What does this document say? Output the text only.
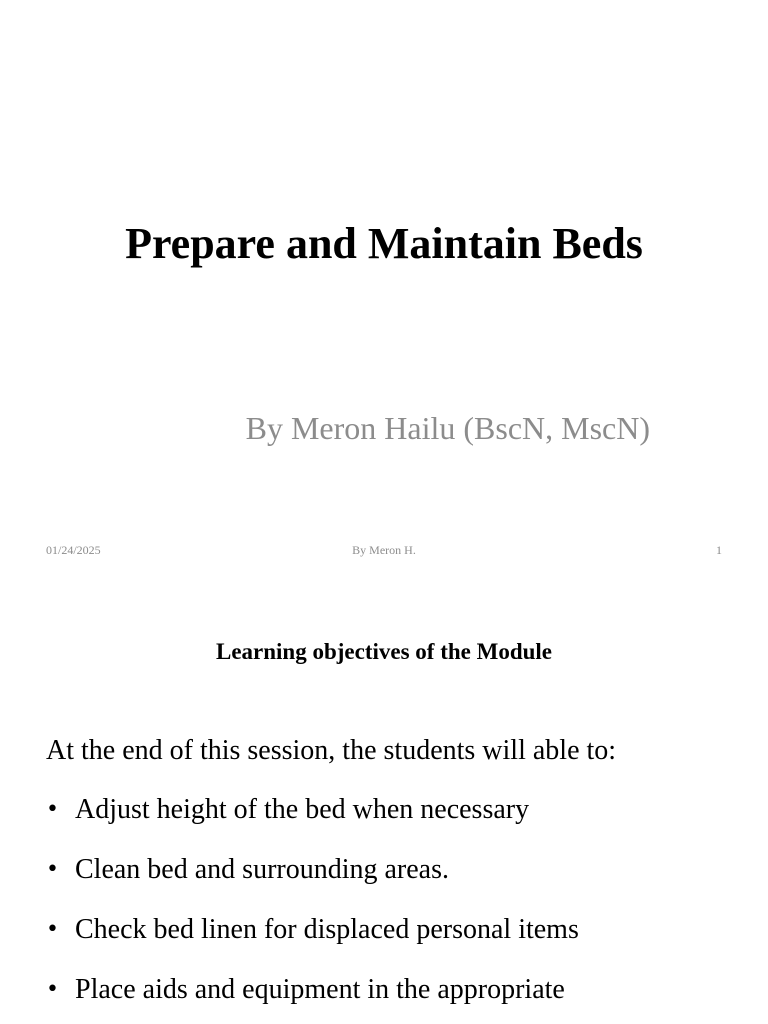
Prepare and Maintain Beds
By Meron Hailu (BscN, MscN)
01/24/2025	By Meron H.	1
Learning objectives of the Module
At the end of this session, the students will able to:
• Adjust height of the bed when necessary
• Clean bed and surrounding areas.
• Check bed linen for displaced personal items
• Place aids and equipment in the appropriate
